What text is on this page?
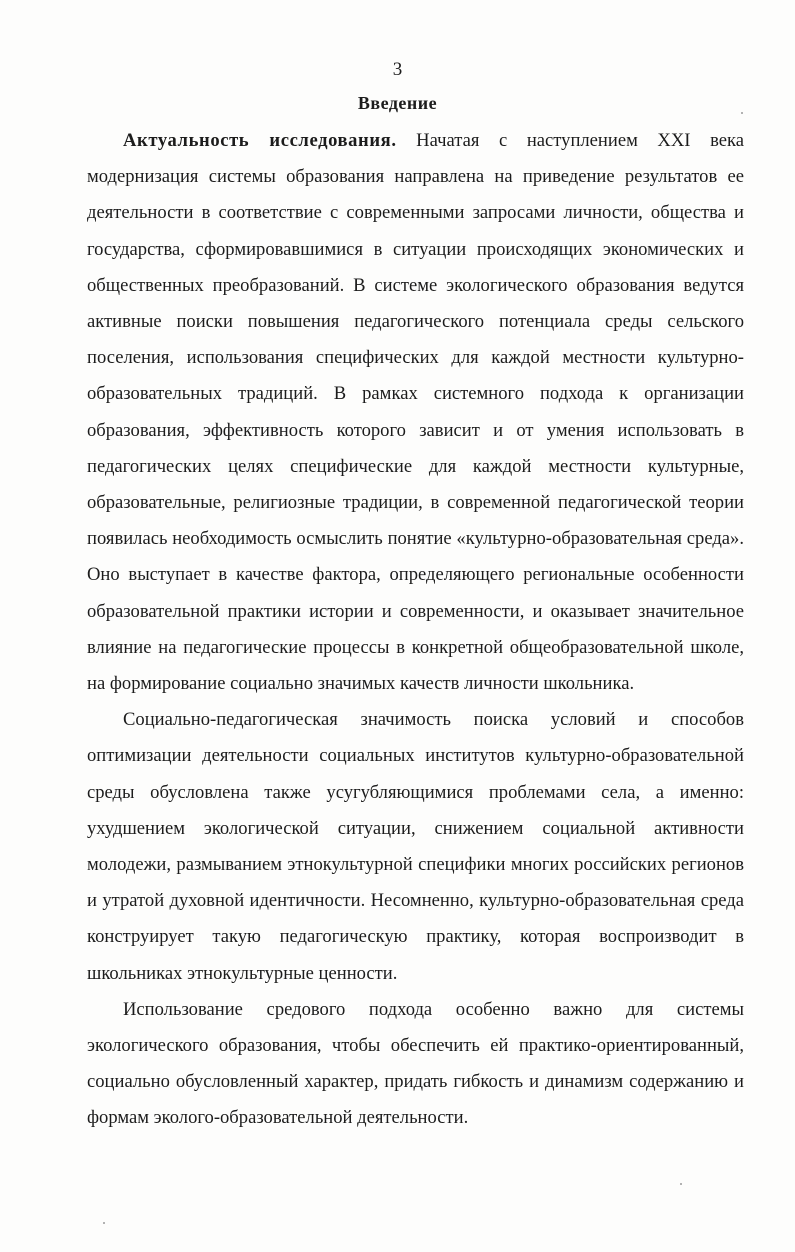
3
Введение

Актуальность исследования. Начатая с наступлением XXI века модернизация системы образования направлена на приведение результатов ее деятельности в соответствие с современными запросами личности, общества и государства, сформировавшимися в ситуации происходящих экономических и общественных преобразований. В системе экологического образования ведутся активные поиски повышения педагогического потенциала среды сельского поселения, использования специфических для каждой местности культурно-образовательных традиций. В рамках системного подхода к организации образования, эффективность которого зависит и от умения использовать в педагогических целях специфические для каждой местности культурные, образовательные, религиозные традиции, в современной педагогической теории появилась необходимость осмыслить понятие «культурно-образовательная среда». Оно выступает в качестве фактора, определяющего региональные особенности образовательной практики истории и современности, и оказывает значительное влияние на педагогические процессы в конкретной общеобразовательной школе, на формирование социально значимых качеств личности школьника.

Социально-педагогическая значимость поиска условий и способов оптимизации деятельности социальных институтов культурно-образовательной среды обусловлена также усугубляющимися проблемами села, а именно: ухудшением экологической ситуации, снижением социальной активности молодежи, размыванием этнокультурной специфики многих российских регионов и утратой духовной идентичности. Несомненно, культурно-образовательная среда конструирует такую педагогическую практику, которая воспроизводит в школьниках этнокультурные ценности.

Использование средового подхода особенно важно для системы экологического образования, чтобы обеспечить ей практико-ориентированный, социально обусловленный характер, придать гибкость и динамизм содержанию и формам эколого-образовательной деятельности.
